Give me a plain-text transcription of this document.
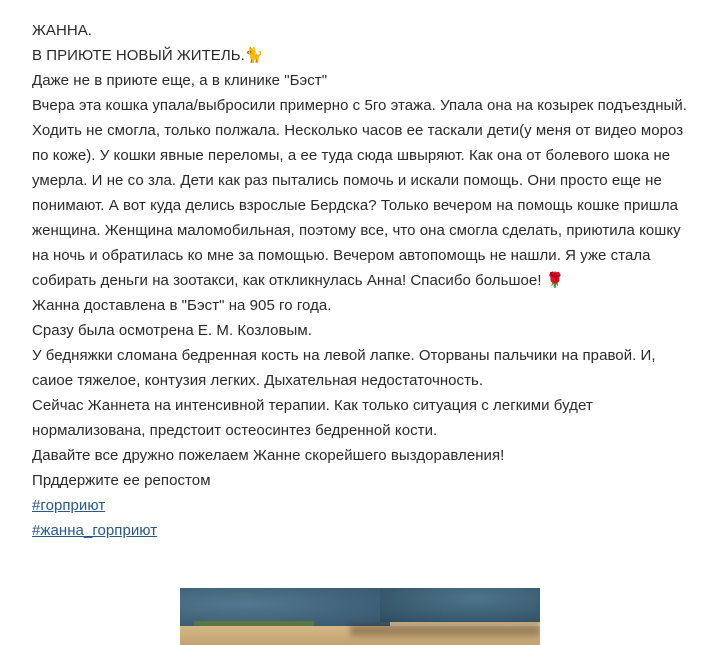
ЖАННА.
В ПРИЮТЕ НОВЫЙ ЖИТЕЛЬ.🐈
Даже не в приюте еще, а в клинике "Бэст"
Вчера эта кошка упала/выбросили примерно с 5го этажа. Упала она на козырек подъездный. Ходить не смогла, только полжала. Несколько часов ее таскали дети(у меня от видео мороз по коже). У кошки явные переломы, а ее туда сюда швыряют. Как она от болевого шока не умерла. И не со зла. Дети как раз пытались помочь и искали помощь. Они просто еще не понимают. А вот куда делись взрослые Бердска? Только вечером на помощь кошке пришла женщина. Женщина маломобильная, поэтому все, что она смогла сделать, приютила кошку на ночь и обратилась ко мне за помощью. Вечером автопомощь не нашли. Я уже стала собирать деньги на зоотакси, как откликнулась Анна! Спасибо большое! 🌹
Жанна доставлена в "Бэст" на 905 го года.
Сразу была осмотрена Е. М. Козловым.
У бедняжки сломана бедренная кость на левой лапке. Оторваны пальчики на правой. И, саиое тяжелое, контузия легких. Дыхательная недостаточность.
Сейчас Жаннета на интенсивной терапии. Как только ситуация с легкими будет нормализована, предстоит остеосинтез бедренной кости.
Давайте все дружно пожелаем Жанне скорейшего выздоравления!
Прддержите ее репостом
#горприют
#жанна_горприют
